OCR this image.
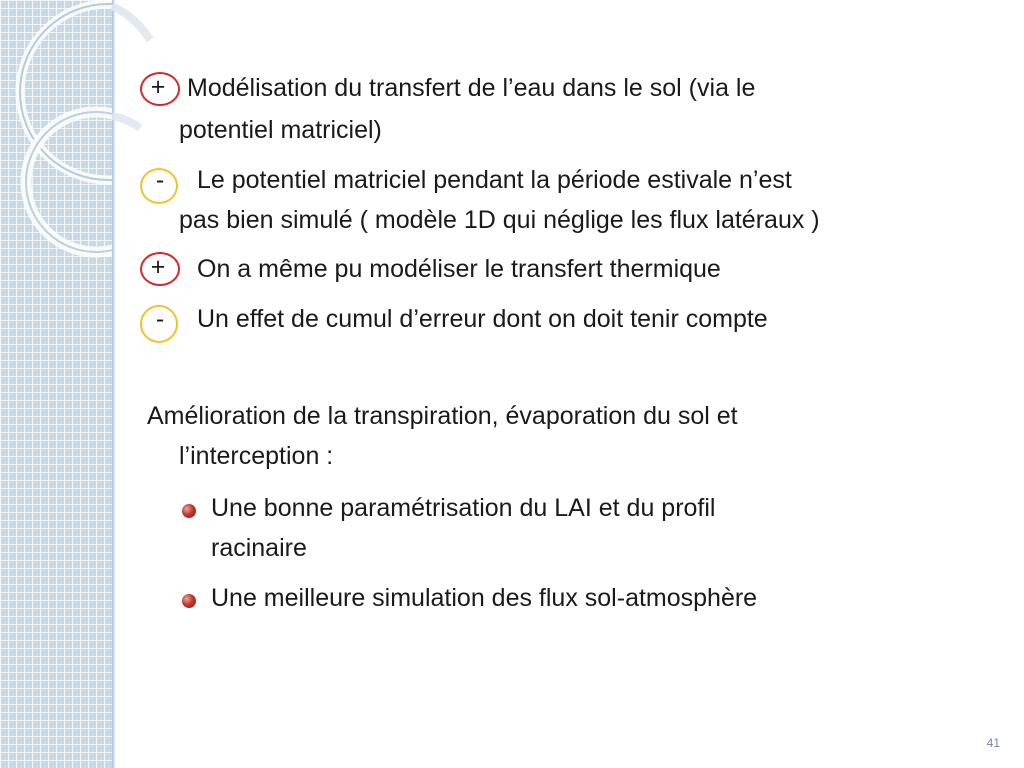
+ Modélisation du transfert de l’eau dans le sol (via le
potentiel matriciel)
-	Le potentiel matriciel pendant la période estivale n’est
pas bien simulé ( modèle 1D qui néglige les flux latéraux )
+	On a même pu modéliser le transfert thermique
-	Un effet de cumul d’erreur dont on doit tenir compte
Amélioration de la transpiration, évaporation du sol et
l’interception :
Une bonne paramétrisation du LAI et du profil
racinaire
Une meilleure simulation des flux sol-atmosphère
41
